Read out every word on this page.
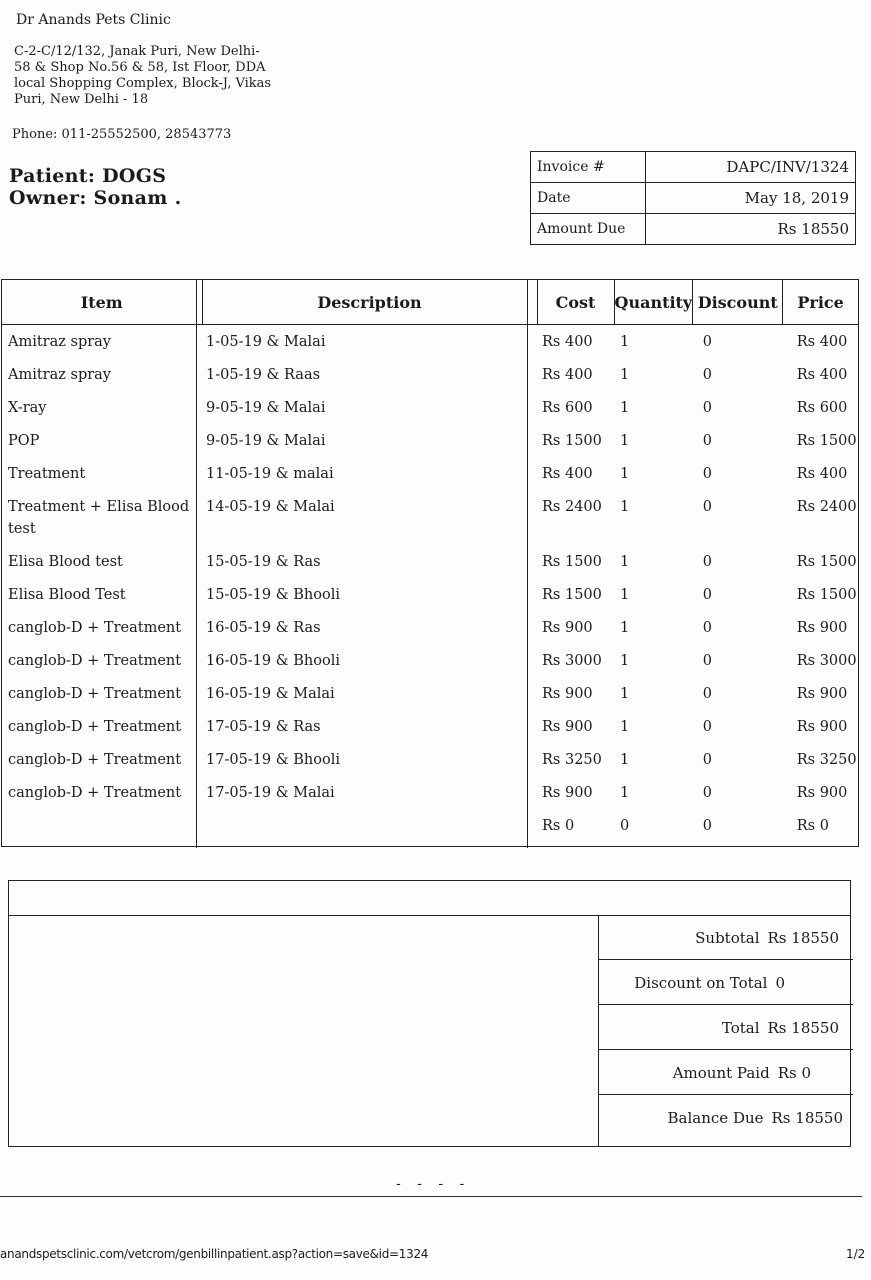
Dr Anands Pets Clinic
C-2-C/12/132, Janak Puri, New Delhi-
58 & Shop No.56 & 58, Ist Floor, DDA
local Shopping Complex, Block-J, Vikas
Puri, New Delhi - 18
Phone: 011-25552500, 28543773
Patient: DOGS
Owner: Sonam .
Invoice #	DAPC/INV/1324
Date	May 18, 2019
Amount Due	Rs 18550
Item	Description	Cost	Quantity	Discount	Price
Amitraz spray	1-05-19 & Malai	Rs 400	1	0	Rs 400
Amitraz spray	1-05-19 & Raas	Rs 400	1	0	Rs 400
X-ray	9-05-19 & Malai	Rs 600	1	0	Rs 600
POP	9-05-19 & Malai	Rs 1500	1	0	Rs 1500
Treatment	11-05-19 & malai	Rs 400	1	0	Rs 400
Treatment + Elisa Blood test	14-05-19 & Malai	Rs 2400	1	0	Rs 2400
Elisa Blood test	15-05-19 & Ras	Rs 1500	1	0	Rs 1500
Elisa Blood Test	15-05-19 & Bhooli	Rs 1500	1	0	Rs 1500
canglob-D + Treatment	16-05-19 & Ras	Rs 900	1	0	Rs 900
canglob-D + Treatment	16-05-19 & Bhooli	Rs 3000	1	0	Rs 3000
canglob-D + Treatment	16-05-19 & Malai	Rs 900	1	0	Rs 900
canglob-D + Treatment	17-05-19 & Ras	Rs 900	1	0	Rs 900
canglob-D + Treatment	17-05-19 & Bhooli	Rs 3250	1	0	Rs 3250
canglob-D + Treatment	17-05-19 & Malai	Rs 900	1	0	Rs 900
		Rs 0	0	0	Rs 0
Subtotal Rs 18550
Discount on Total 0
Total Rs 18550
Amount Paid Rs 0
Balance Due Rs 18550
- - - -
anandspetsclinic.com/vetcrom/genbillinpatient.asp?action=save&id=1324	1/2
